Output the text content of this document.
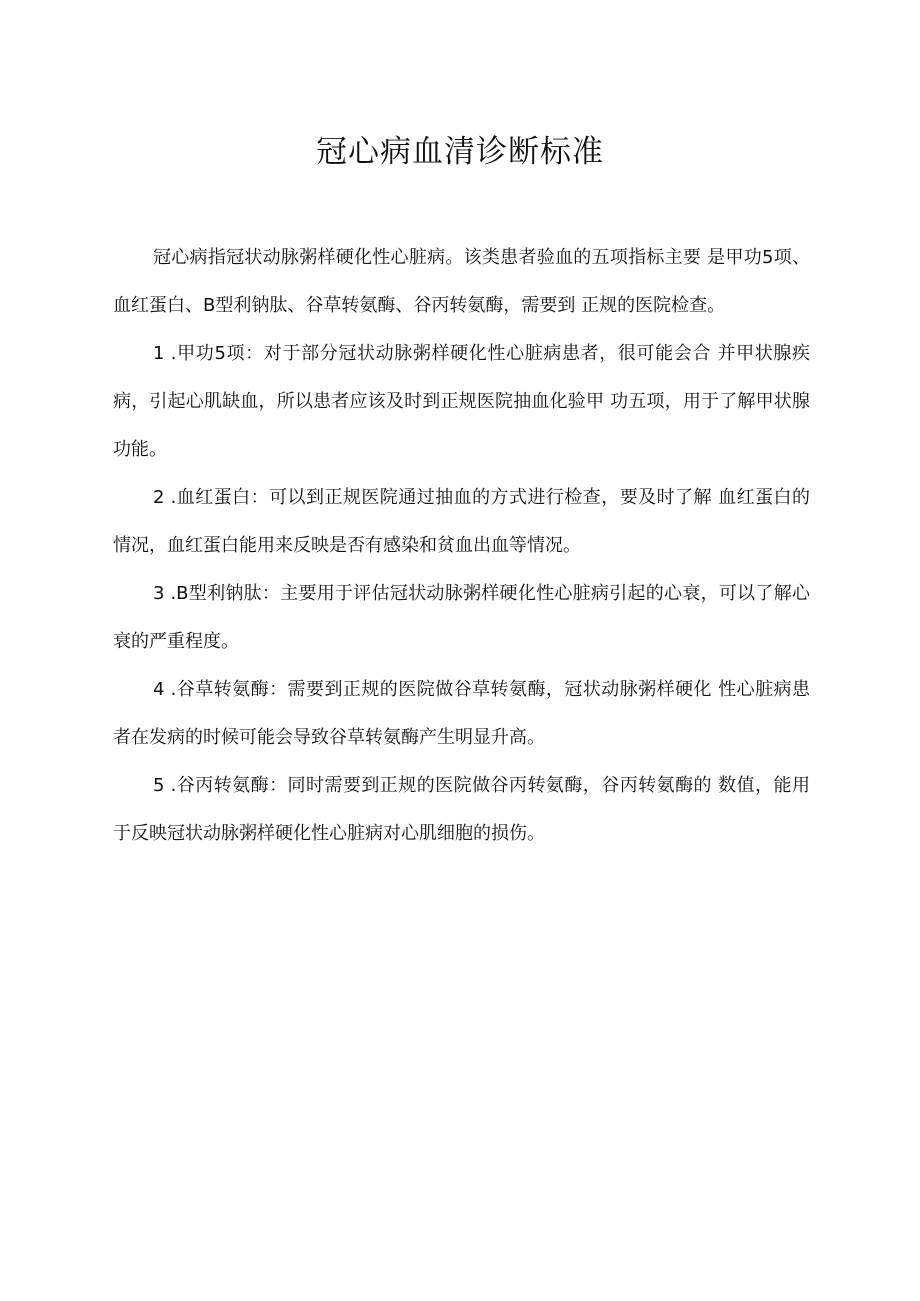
冠心病血清诊断标准

冠心病指冠状动脉粥样硬化性心脏病。该类患者验血的五项指标主要 是甲功5项、血红蛋白、B型利钠肽、谷草转氨酶、谷丙转氨酶，需要到 正规的医院检查。

1 .甲功5项：对于部分冠状动脉粥样硬化性心脏病患者，很可能会合 并甲状腺疾病，引起心肌缺血，所以患者应该及时到正规医院抽血化验甲 功五项，用于了解甲状腺功能。

2 .血红蛋白：可以到正规医院通过抽血的方式进行检查，要及时了解 血红蛋白的情况，血红蛋白能用来反映是否有感染和贫血出血等情况。

3 .B型利钠肽：主要用于评估冠状动脉粥样硬化性心脏病引起的心衰，可以了解心衰的严重程度。

4 .谷草转氨酶：需要到正规的医院做谷草转氨酶，冠状动脉粥样硬化 性心脏病患者在发病的时候可能会导致谷草转氨酶产生明显升高。

5 .谷丙转氨酶：同时需要到正规的医院做谷丙转氨酶，谷丙转氨酶的 数值，能用于反映冠状动脉粥样硬化性心脏病对心肌细胞的损伤。
